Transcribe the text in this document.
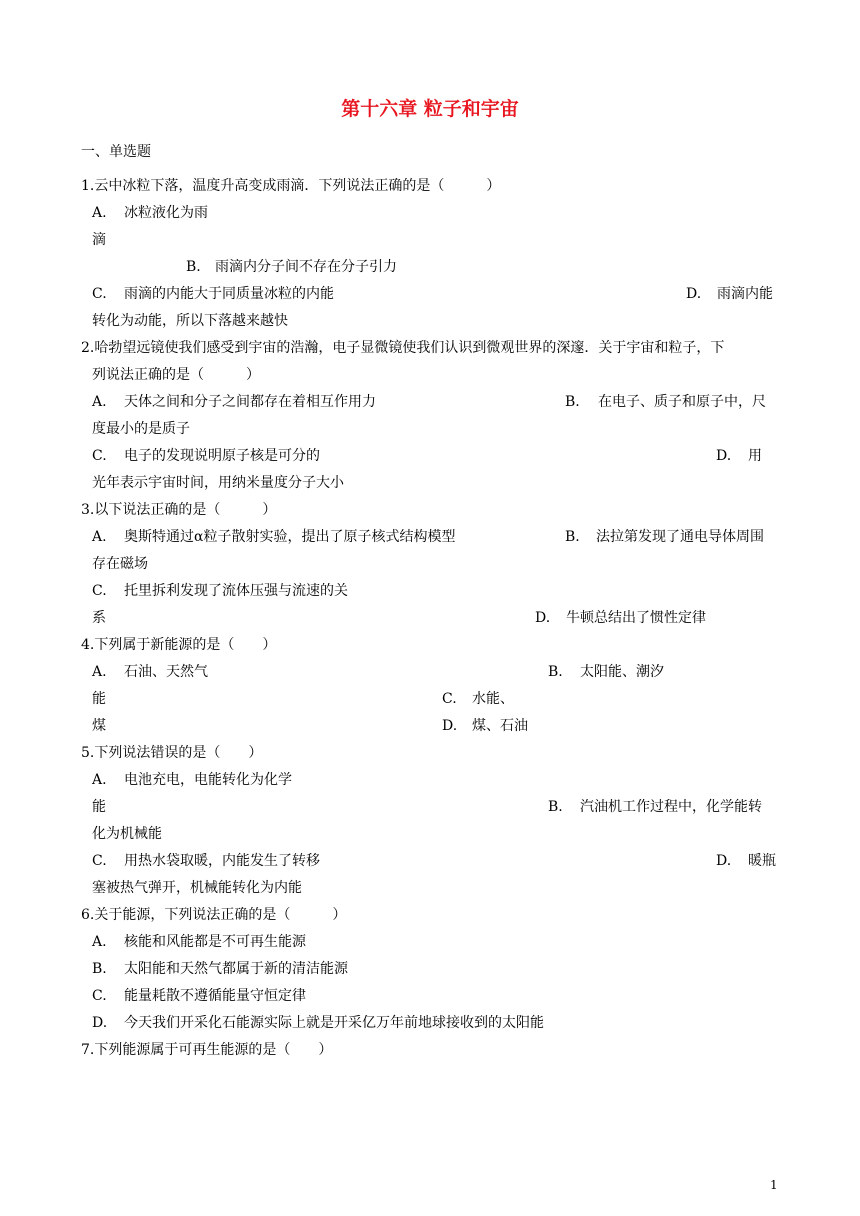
第十六章 粒子和宇宙
一、单选题
1.云中冰粒下落，温度升高变成雨滴．下列说法正确的是（　　　）
A. 冰粒液化为雨
滴
B. 雨滴内分子间不存在分子引力
C. 雨滴的内能大于同质量冰粒的内能	D. 雨滴内能
转化为动能，所以下落越来越快
2.哈勃望远镜使我们感受到宇宙的浩瀚，电子显微镜使我们认识到微观世界的深邃．关于宇宙和粒子，下
列说法正确的是（　　　）
A. 天体之间和分子之间都存在着相互作用力	B. 在电子、质子和原子中，尺
度最小的是质子
C. 电子的发现说明原子核是可分的	D. 用
光年表示宇宙时间，用纳米量度分子大小
3.以下说法正确的是（　　　）
A. 奥斯特通过α粒子散射实验，提出了原子核式结构模型	B. 法拉第发现了通电导体周围
存在磁场
C. 托里拆利发现了流体压强与流速的关
系	D. 牛顿总结出了惯性定律
4.下列属于新能源的是（　　）
A. 石油、天然气	B. 太阳能、潮汐
能	C. 水能、
煤	D. 煤、石油
5.下列说法错误的是（　　）
A. 电池充电，电能转化为化学
能	B. 汽油机工作过程中，化学能转
化为机械能
C. 用热水袋取暖，内能发生了转移	D. 暖瓶
塞被热气弹开，机械能转化为内能
6.关于能源，下列说法正确的是（　　　）
A. 核能和风能都是不可再生能源
B. 太阳能和天然气都属于新的清洁能源
C. 能量耗散不遵循能量守恒定律
D. 今天我们开采化石能源实际上就是开采亿万年前地球接收到的太阳能
7.下列能源属于可再生能源的是（　　）
1
